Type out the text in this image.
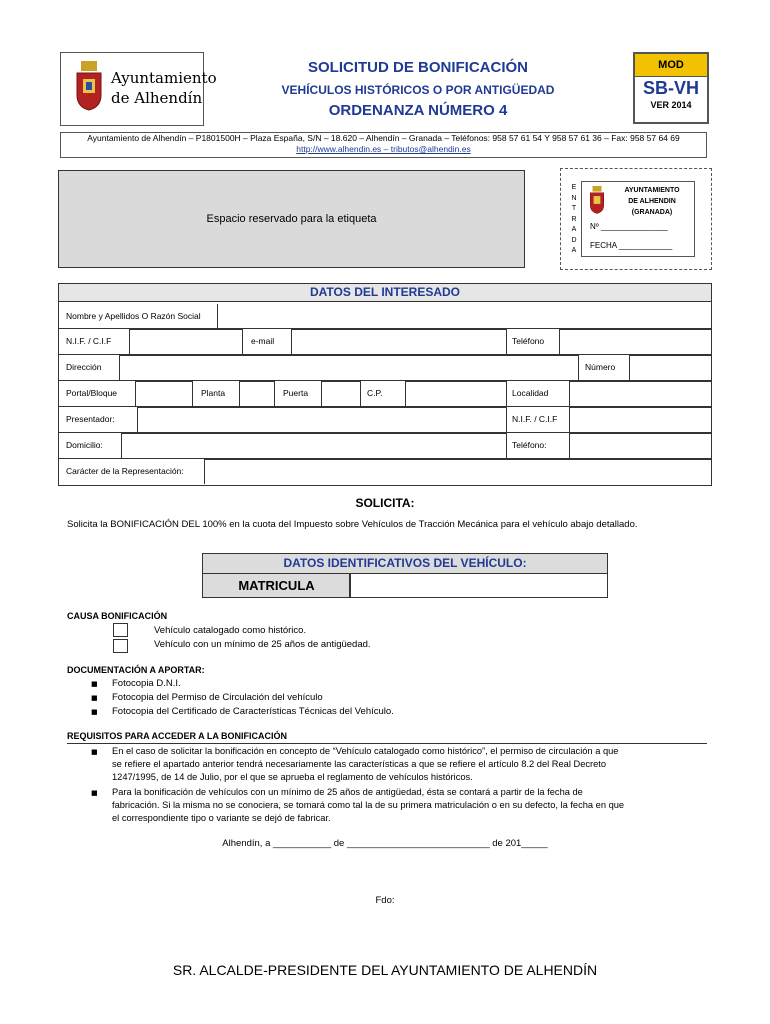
Ayuntamiento
de Alhendín
SOLICITUD DE BONIFICACIÓN
VEHÍCULOS HISTÓRICOS O POR ANTIGÜEDAD
ORDENANZA NÚMERO 4
MOD
SB-VH
VER 2014
Ayuntamiento de Alhendín – P1801500H – Plaza España, S/N – 18.620 – Alhendín – Granada – Teléfonos: 958 57 61 54 Y 958 57 61 36 – Fax: 958 57 64 69
http://www.alhendin.es – tributos@alhendin.es
Espacio reservado para la etiqueta
E
N
T
R
A
D
A
AYUNTAMIENTO
DE ALHENDIN
(GRANADA)
Nº _______________
FECHA ____________
DATOS DEL INTERESADO
Nombre y Apellidos O Razón Social
N.I.F. / C.I.F	e-mail	Teléfono
Dirección	Número
Portal/Bloque	Planta	Puerta	C.P.	Localidad
Presentador:	N.I.F. / C.I.F
Domicilio:	Teléfono:
Carácter de la Representación:
SOLICITA:
Solicita la BONIFICACIÓN DEL 100% en la cuota del Impuesto sobre Vehículos de Tracción Mecánica para el vehículo abajo detallado.
DATOS IDENTIFICATIVOS DEL VEHÍCULO:
MATRICULA
CAUSA BONIFICACIÓN
Vehículo catalogado como histórico.
Vehículo con un mínimo de 25 años de antigüedad.
DOCUMENTACIÓN A APORTAR:
■ Fotocopia D.N.I.
■ Fotocopia del Permiso de Circulación del vehículo
■ Fotocopia del Certificado de Características Técnicas del Vehículo.
REQUISITOS PARA ACCEDER A LA BONIFICACIÓN
■ En el caso de solicitar la bonificación en concepto de “Vehículo catalogado como histórico”, el permiso de circulación a que
se refiere el apartado anterior tendrá necesariamente las características a que se refiere el artículo 8.2 del Real Decreto
1247/1995, de 14 de Julio, por el que se aprueba el reglamento de vehículos históricos.
■ Para la bonificación de vehículos con un mínimo de 25 años de antigüedad, ésta se contará a partir de la fecha de
fabricación. Si la misma no se conociera, se tomará como tal la de su primera matriculación o en su defecto, la fecha en que
el correspondiente tipo o variante se dejó de fabricar.
Alhendín, a ___________ de ___________________________ de 201_____
Fdo:
SR. ALCALDE-PRESIDENTE DEL AYUNTAMIENTO DE ALHENDÍN
